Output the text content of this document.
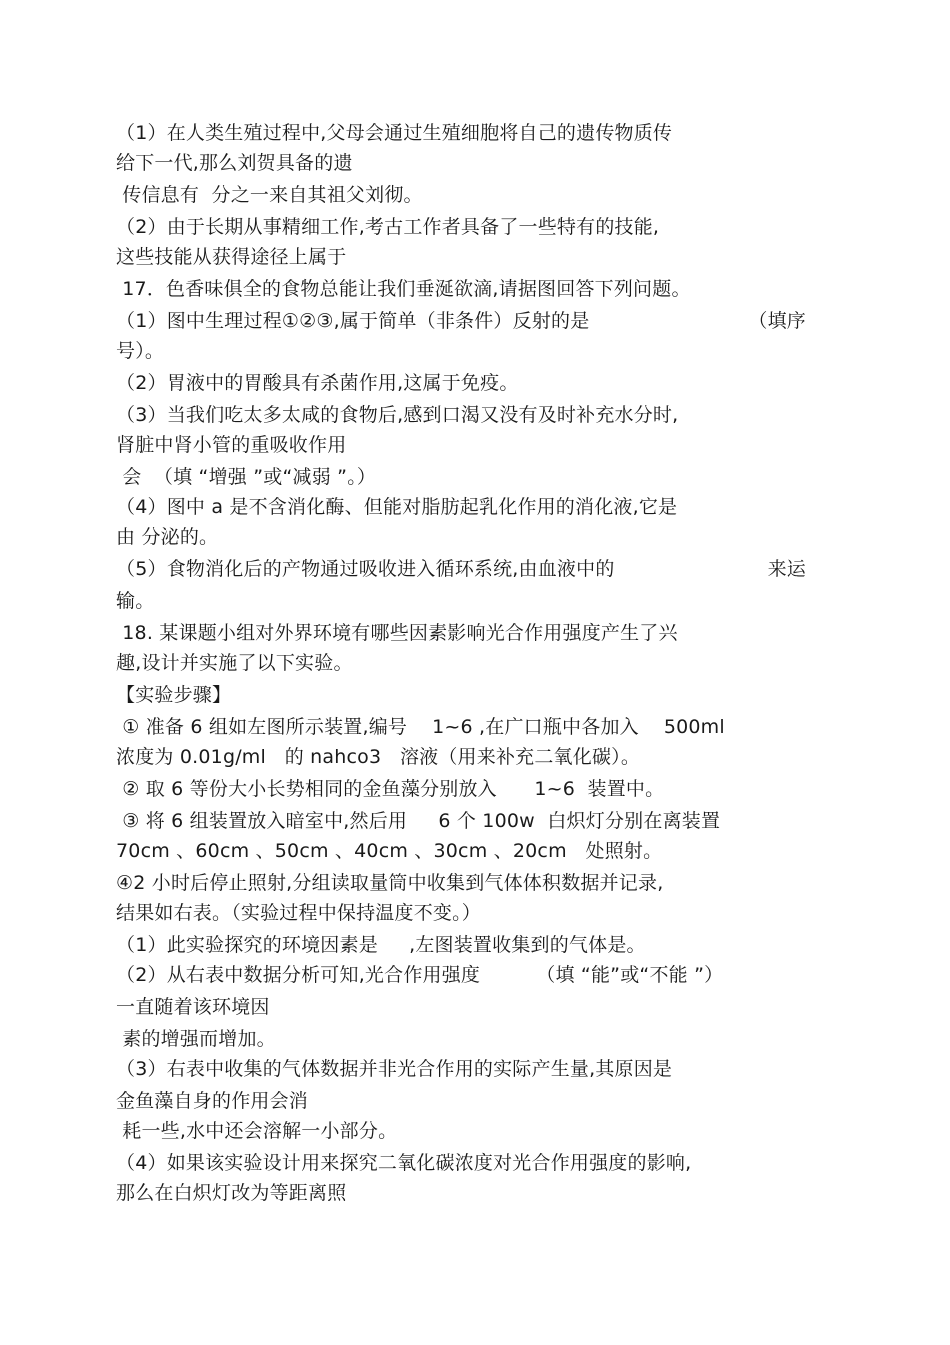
（1）在人类生殖过程中,父母会通过生殖细胞将自己的遗传物质传
给下一代,那么刘贺具备的遗
传信息有  分之一来自其祖父刘彻。
（2）由于长期从事精细工作,考古工作者具备了一些特有的技能,
这些技能从获得途径上属于
17．色香味俱全的食物总能让我们垂涎欲滴,请据图回答下列问题。
（1）图中生理过程①②③,属于简单（非条件）反射的是	（填序
号）。
（2）胃液中的胃酸具有杀菌作用,这属于免疫。
（3）当我们吃太多太咸的食物后,感到口渴又没有及时补充水分时,
肾脏中肾小管的重吸收作用
会  （填 “增强 ”或“减弱 ”。）
（4）图中 a 是不含消化酶、但能对脂肪起乳化作用的消化液,它是
由 分泌的。
（5）食物消化后的产物通过吸收进入循环系统,由血液中的	来运
输。
18. 某课题小组对外界环境有哪些因素影响光合作用强度产生了兴
趣,设计并实施了以下实验。
【实验步骤】
① 准备 6 组如左图所示装置,编号    1~6 ,在广口瓶中各加入    500ml
浓度为 0.01g/ml   的 nahco3   溶液（用来补充二氧化碳）。
② 取 6 等份大小长势相同的金鱼藻分别放入      1~6  装置中。
③ 将 6 组装置放入暗室中,然后用     6 个 100w  白炽灯分别在离装置
70cm 、60cm 、50cm 、40cm 、30cm 、20cm   处照射。
④2 小时后停止照射,分组读取量筒中收集到气体体积数据并记录,
结果如右表。（实验过程中保持温度不变。）
（1）此实验探究的环境因素是     ,左图装置收集到的气体是。
（2）从右表中数据分析可知,光合作用强度         （填 “能”或“不能 ”）
一直随着该环境因
素的增强而增加。
（3）右表中收集的气体数据并非光合作用的实际产生量,其原因是
金鱼藻自身的作用会消
耗一些,水中还会溶解一小部分。
（4）如果该实验设计用来探究二氧化碳浓度对光合作用强度的影响,
那么在白炽灯改为等距离照
